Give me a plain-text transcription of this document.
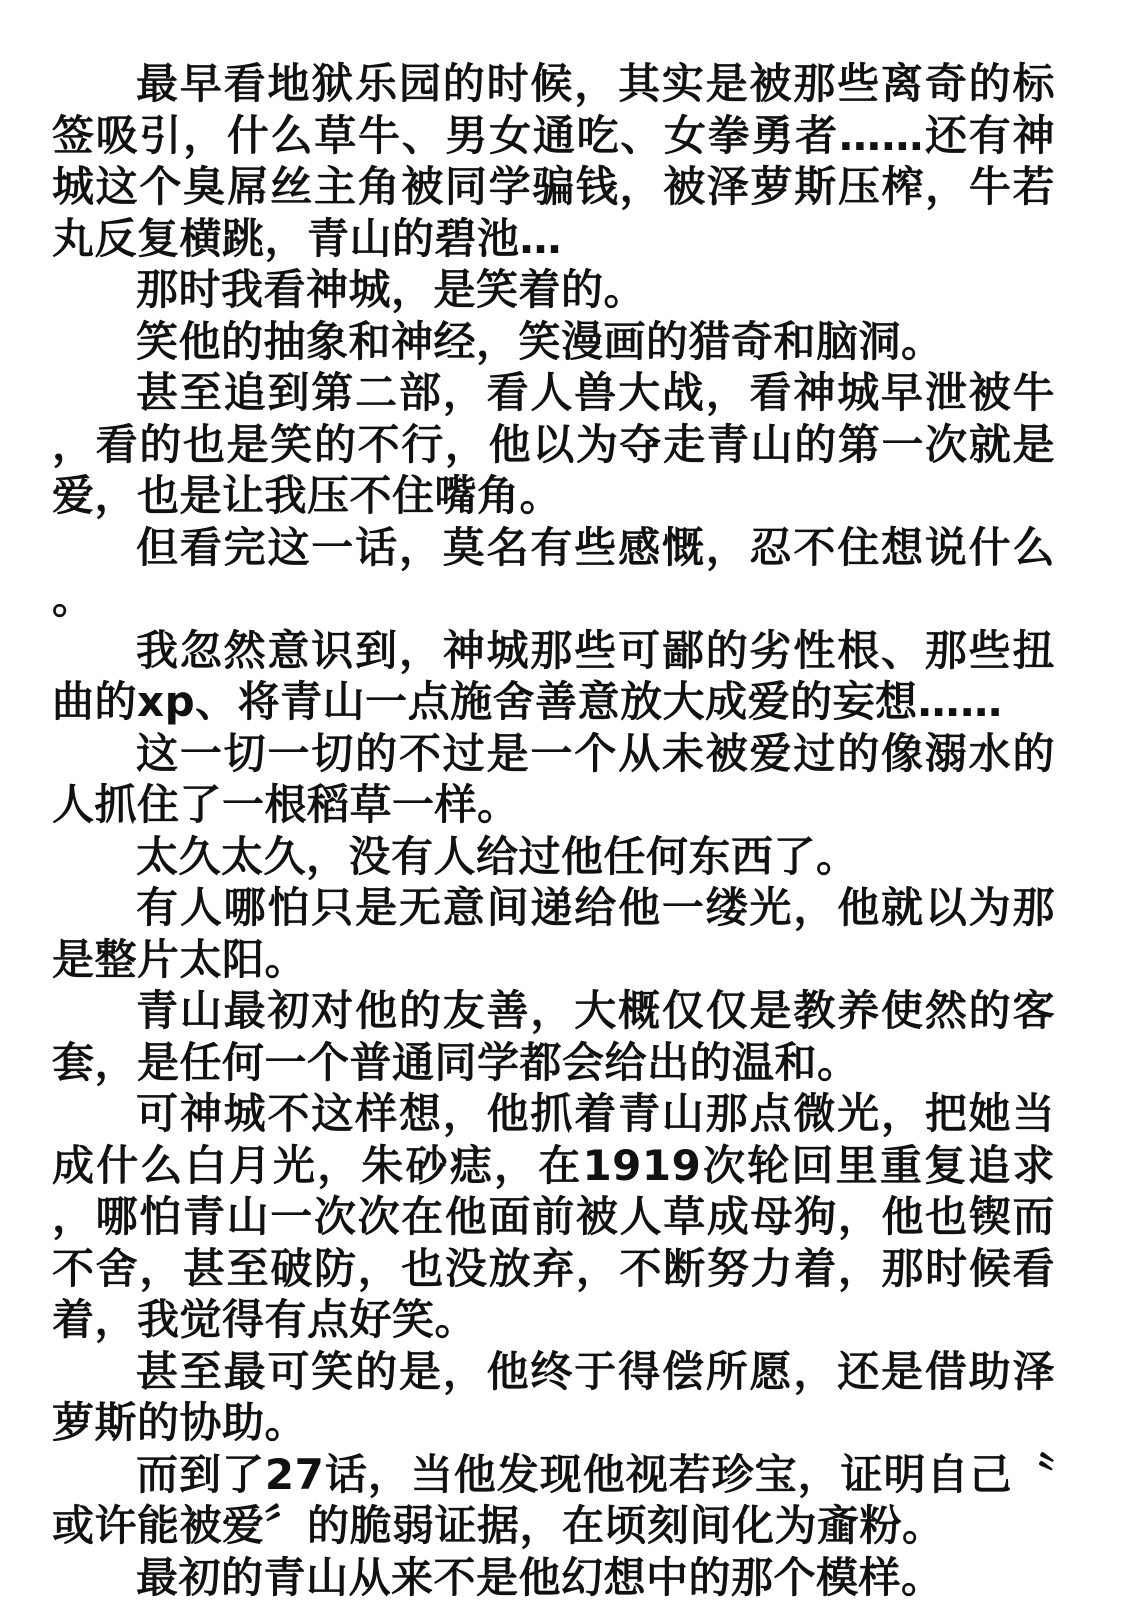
最早看地狱乐园的时候，其实是被那些离奇的标签吸引，什么草牛、男女通吃、女拳勇者……还有神城这个臭屌丝主角被同学骗钱，被泽萝斯压榨，牛若丸反复横跳，青山的碧池…

那时我看神城，是笑着的。

笑他的抽象和神经，笑漫画的猎奇和脑洞。

甚至追到第二部，看人兽大战，看神城早泄被牛，看的也是笑的不行，他以为夺走青山的第一次就是爱，也是让我压不住嘴角。

但看完这一话，莫名有些感慨，忍不住想说什么。

我忽然意识到，神城那些可鄙的劣性根、那些扭曲的xp、将青山一点施舍善意放大成爱的妄想……

这一切一切的不过是一个从未被爱过的像溺水的人抓住了一根稻草一样。

太久太久，没有人给过他任何东西了。

有人哪怕只是无意间递给他一缕光，他就以为那是整片太阳。

青山最初对他的友善，大概仅仅是教养使然的客套，是任何一个普通同学都会给出的温和。

可神城不这样想，他抓着青山那点微光，把她当成什么白月光，朱砂痣，在1919次轮回里重复追求，哪怕青山一次次在他面前被人草成母狗，他也锲而不舍，甚至破防，也没放弃，不断努力着，那时候看着，我觉得有点好笑。

甚至最可笑的是，他终于得偿所愿，还是借助泽萝斯的协助。

而到了27话，当他发现他视若珍宝，证明自己〝或许能被爱〞的脆弱证据，在顷刻间化为齑粉。

最初的青山从来不是他幻想中的那个模样。
